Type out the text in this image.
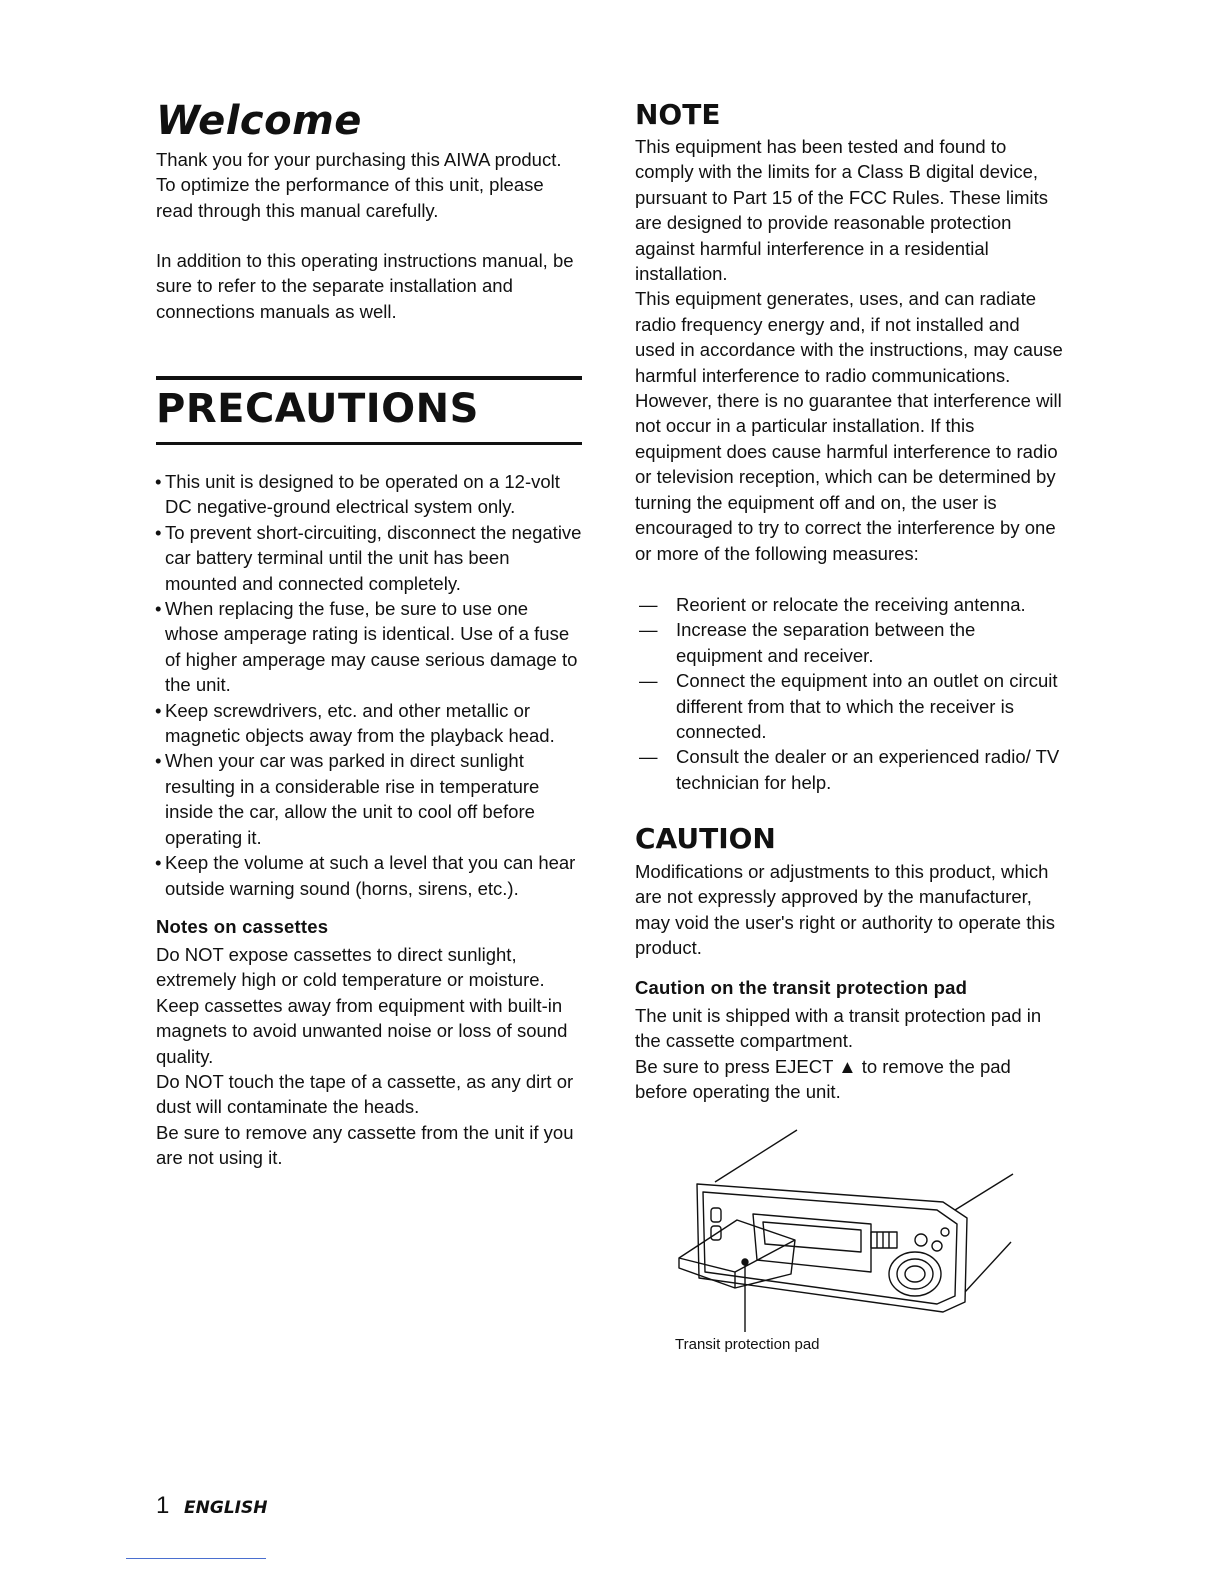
Welcome

Thank you for your purchasing this AIWA product. To optimize the performance of this unit, please read through this manual carefully.

In addition to this operating instructions manual, be sure to refer to the separate installation and connections manuals as well.

PRECAUTIONS
• This unit is designed to be operated on a 12-volt DC negative-ground electrical system only.
• To prevent short-circuiting, disconnect the negative car battery terminal until the unit has been mounted and connected completely.
• When replacing the fuse, be sure to use one whose amperage rating is identical. Use of a fuse of higher amperage may cause serious damage to the unit.
• Keep screwdrivers, etc. and other metallic or magnetic objects away from the playback head.
• When your car was parked in direct sunlight resulting in a considerable rise in temperature inside the car, allow the unit to cool off before operating it.
• Keep the volume at such a level that you can hear outside warning sound (horns, sirens, etc.).
Notes on cassettes

Do NOT expose cassettes to direct sunlight, extremely high or cold temperature or moisture. Keep cassettes away from equipment with built-in magnets to avoid unwanted noise or loss of sound quality.
Do NOT touch the tape of a cassette, as any dirt or dust will contaminate the heads.
Be sure to remove any cassette from the unit if you are not using it.

NOTE

This equipment has been tested and found to comply with the limits for a Class B digital device, pursuant to Part 15 of the FCC Rules. These limits are designed to provide reasonable protection against harmful interference in a residential installation.
This equipment generates, uses, and can radiate radio frequency energy and, if not installed and used in accordance with the instructions, may cause harmful interference to radio communications. However, there is no guarantee that interference will not occur in a particular installation. If this equipment does cause harmful interference to radio or television reception, which can be determined by turning the equipment off and on, the user is encouraged to try to correct the interference by one or more of the following measures:

— Reorient or relocate the receiving antenna.
— Increase the separation between the equipment and receiver.
— Connect the equipment into an outlet on circuit different from that to which the receiver is connected.
— Consult the dealer or an experienced radio/ TV technician for help.
CAUTION

Modifications or adjustments to this product, which are not expressly approved by the manufacturer, may void the user's right or authority to operate this product.

Caution on the transit protection pad

The unit is shipped with a transit protection pad in the cassette compartment.
Be sure to press EJECT ▲ to remove the pad before operating the unit.

Transit protection pad
1 ENGLISH
